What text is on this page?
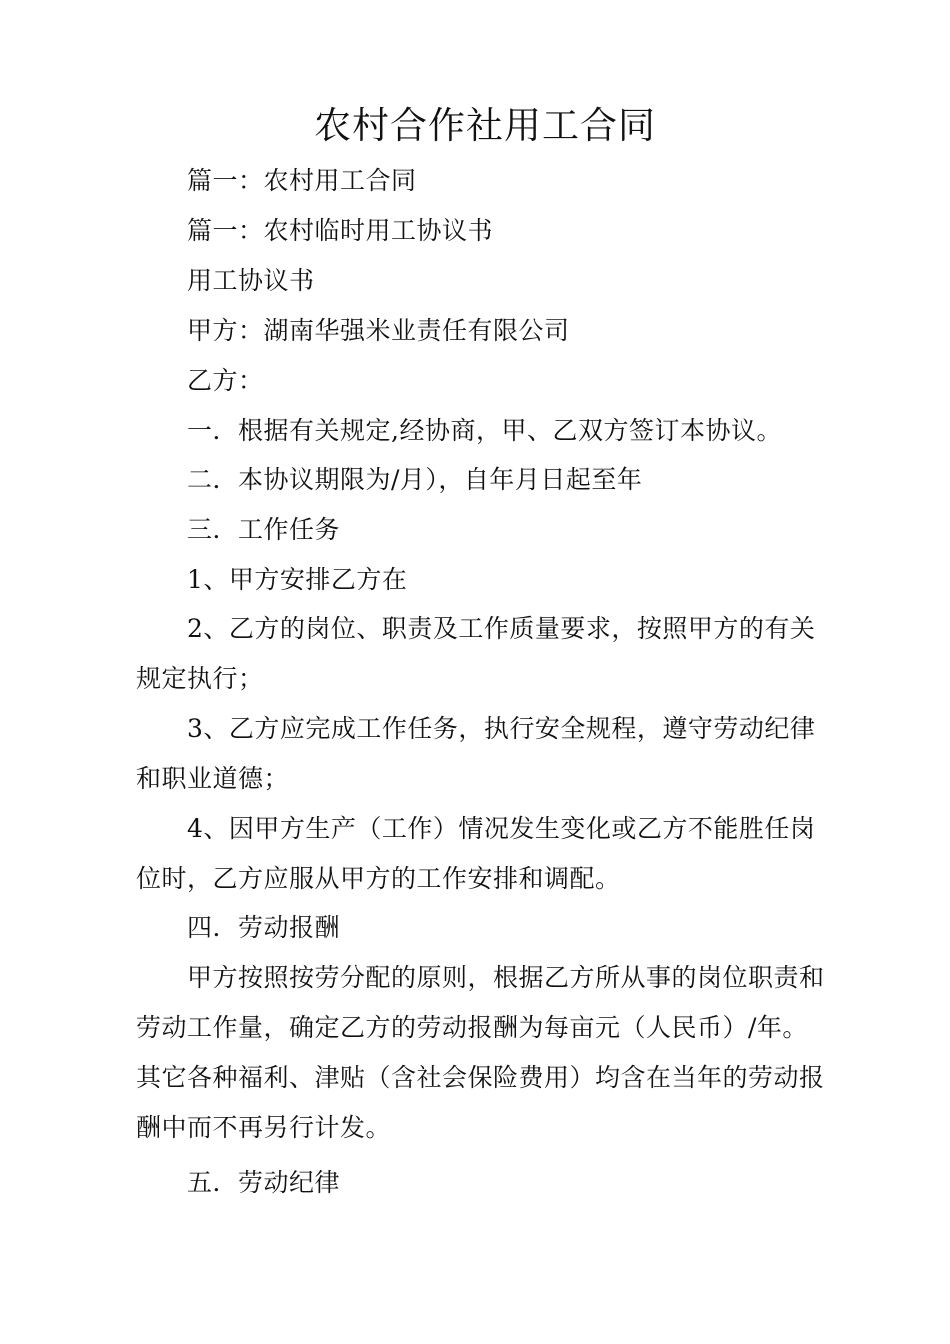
农村合作社用工合同
篇一：农村用工合同
篇一：农村临时用工协议书
用工协议书
甲方：湖南华强米业责任有限公司
乙方：
一．根据有关规定,经协商，甲、乙双方签订本协议。
二．本协议期限为/月），自年月日起至年
三．工作任务
1、甲方安排乙方在
2、乙方的岗位、职责及工作质量要求，按照甲方的有关
规定执行；
3、乙方应完成工作任务，执行安全规程，遵守劳动纪律
和职业道德；
4、因甲方生产（工作）情况发生变化或乙方不能胜任岗
位时，乙方应服从甲方的工作安排和调配。
四．劳动报酬
甲方按照按劳分配的原则，根据乙方所从事的岗位职责和
劳动工作量，确定乙方的劳动报酬为每亩元（人民币）/年。
其它各种福利、津贴（含社会保险费用）均含在当年的劳动报
酬中而不再另行计发。
五．劳动纪律
